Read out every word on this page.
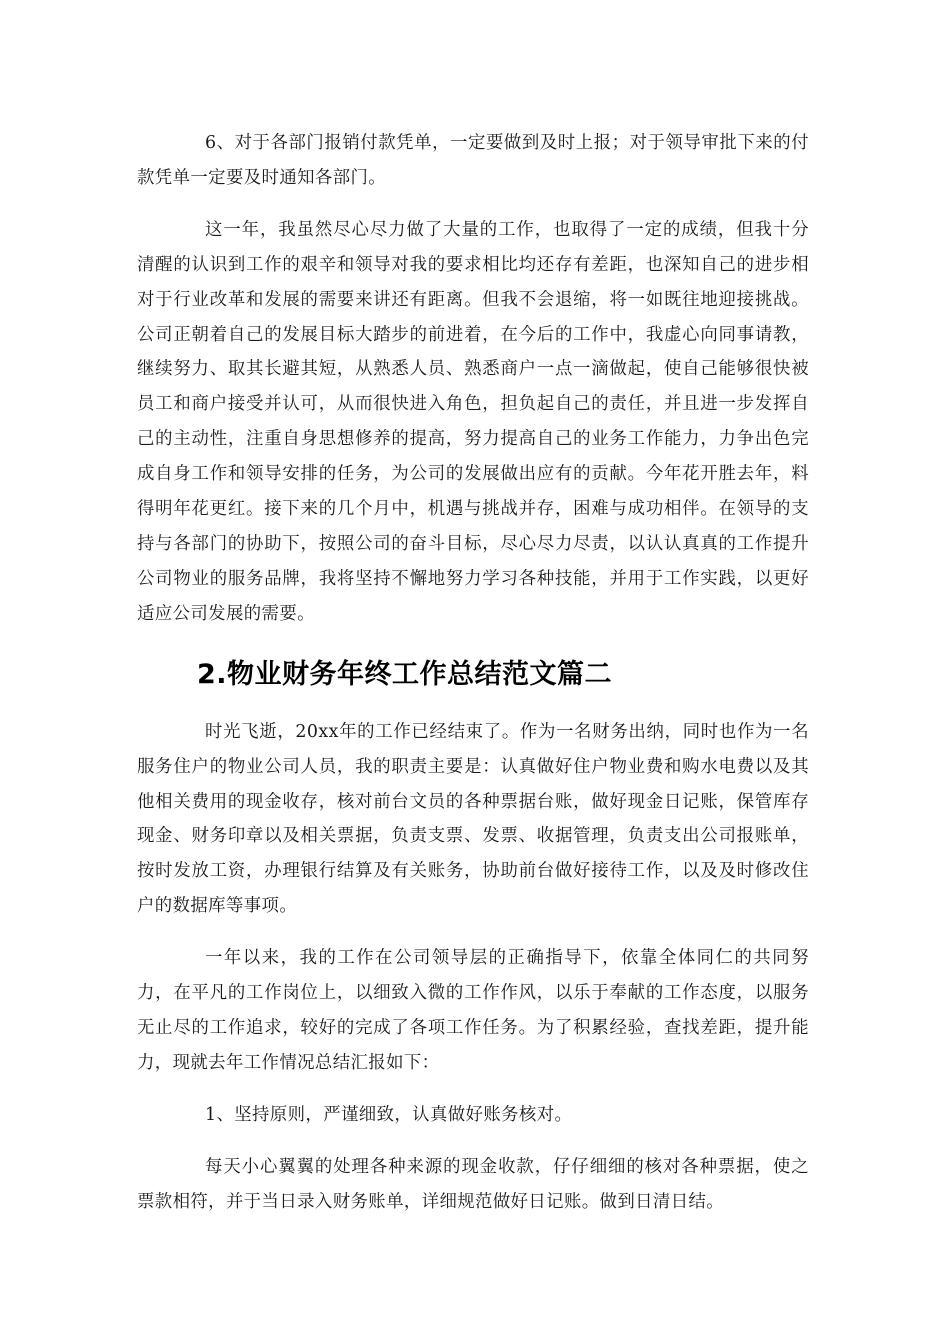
6、对于各部门报销付款凭单，一定要做到及时上报；对于领导审批下来的付款凭单一定要及时通知各部门。

这一年，我虽然尽心尽力做了大量的工作，也取得了一定的成绩，但我十分清醒的认识到工作的艰辛和领导对我的要求相比均还存有差距，也深知自己的进步相对于行业改革和发展的需要来讲还有距离。但我不会退缩，将一如既往地迎接挑战。公司正朝着自己的发展目标大踏步的前进着，在今后的工作中，我虚心向同事请教，继续努力、取其长避其短，从熟悉人员、熟悉商户一点一滴做起，使自己能够很快被员工和商户接受并认可，从而很快进入角色，担负起自己的责任，并且进一步发挥自己的主动性，注重自身思想修养的提高，努力提高自己的业务工作能力，力争出色完成自身工作和领导安排的任务，为公司的发展做出应有的贡献。今年花开胜去年，料得明年花更红。接下来的几个月中，机遇与挑战并存，困难与成功相伴。在领导的支持与各部门的协助下，按照公司的奋斗目标，尽心尽力尽责，以认认真真的工作提升公司物业的服务品牌，我将坚持不懈地努力学习各种技能，并用于工作实践，以更好适应公司发展的需要。

2.物业财务年终工作总结范文篇二

时光飞逝，20xx年的工作已经结束了。作为一名财务出纳，同时也作为一名服务住户的物业公司人员，我的职责主要是：认真做好住户物业费和购水电费以及其他相关费用的现金收存，核对前台文员的各种票据台账，做好现金日记账，保管库存现金、财务印章以及相关票据，负责支票、发票、收据管理，负责支出公司报账单，按时发放工资，办理银行结算及有关账务，协助前台做好接待工作，以及及时修改住户的数据库等事项。

一年以来，我的工作在公司领导层的正确指导下，依靠全体同仁的共同努力，在平凡的工作岗位上，以细致入微的工作作风，以乐于奉献的工作态度，以服务无止尽的工作追求，较好的完成了各项工作任务。为了积累经验，查找差距，提升能力，现就去年工作情况总结汇报如下：

1、坚持原则，严谨细致，认真做好账务核对。

每天小心翼翼的处理各种来源的现金收款，仔仔细细的核对各种票据，使之票款相符，并于当日录入财务账单，详细规范做好日记账。做到日清日结。
